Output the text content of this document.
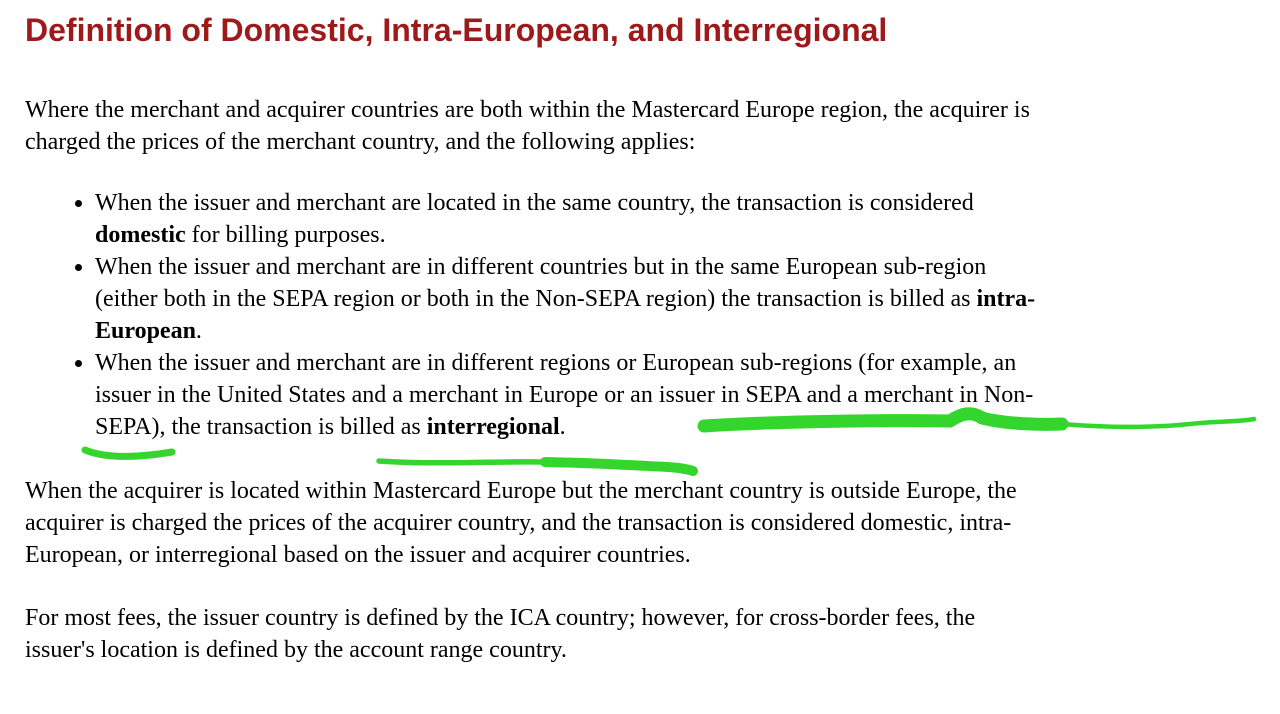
Definition of Domestic, Intra-European, and Interregional

Where the merchant and acquirer countries are both within the Mastercard Europe region, the acquirer is
charged the prices of the merchant country, and the following applies:

• When the issuer and merchant are located in the same country, the transaction is considered
domestic for billing purposes.
• When the issuer and merchant are in different countries but in the same European sub-region
(either both in the SEPA region or both in the Non-SEPA region) the transaction is billed as intra-
European.
• When the issuer and merchant are in different regions or European sub-regions (for example, an
issuer in the United States and a merchant in Europe or an issuer in SEPA and a merchant in Non-
SEPA), the transaction is billed as interregional.

When the acquirer is located within Mastercard Europe but the merchant country is outside Europe, the
acquirer is charged the prices of the acquirer country, and the transaction is considered domestic, intra-
European, or interregional based on the issuer and acquirer countries.

For most fees, the issuer country is defined by the ICA country; however, for cross-border fees, the
issuer's location is defined by the account range country.
